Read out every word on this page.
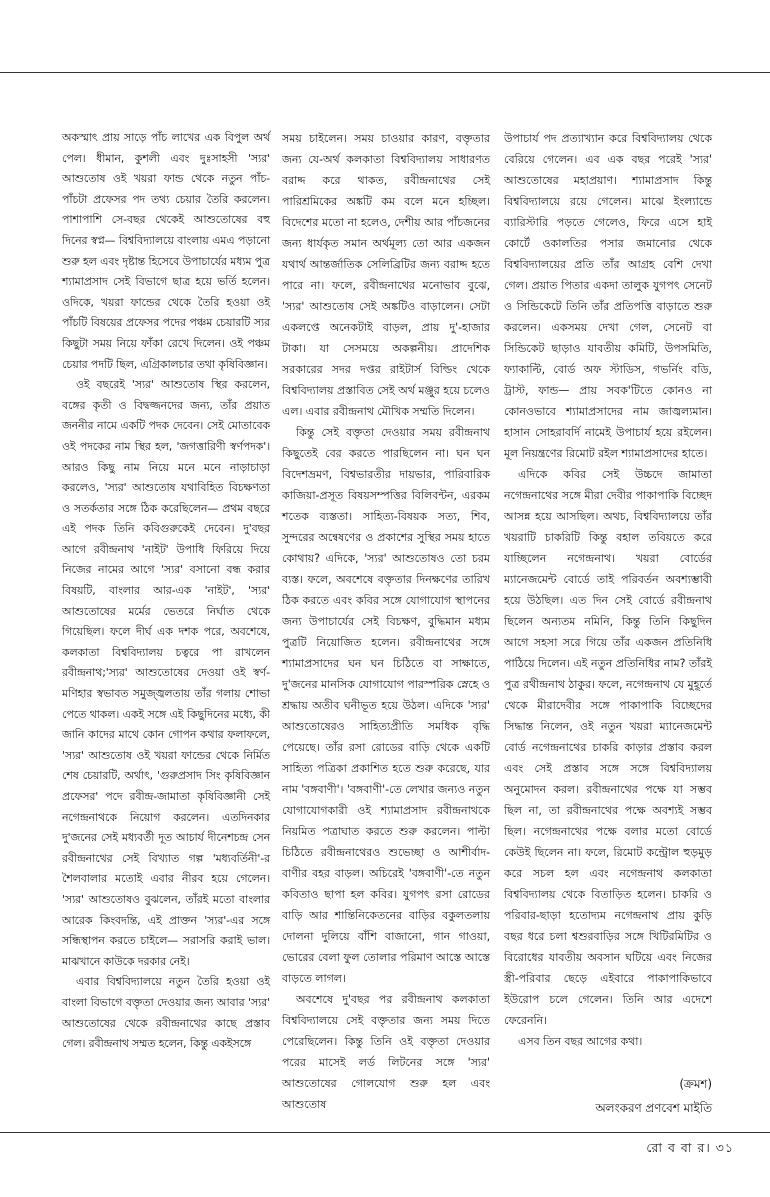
অকস্মাৎ প্রায় সাড়ে পাঁচ লাখের এক বিপুল অর্থ পেল। ধীমান, কুশলী এবং দুঃসাহসী 'স্যর' আশুতোষ ওই খয়রা ফান্ড থেকে নতুন পাঁচ-পাঁচটা প্রফেসর পদ তথ্য চেয়ার তৈরি করলেন। পাশাপাশি সে-বছর থেকেই আশুতোষের বহু দিনের স্বপ্ন— বিশ্ববিদ্যালয়ে বাংলায় এমএ পড়ানো শুরু হল এবং দৃষ্টান্ত হিসেবে উপাচার্যের মধ্যম পুত্র শ্যামাপ্রসাদ সেই বিভাগে ছাত্র হয়ে ভর্তি হলেন। ওদিকে, খয়রা ফান্ডের থেকে তৈরি হওয়া ওই পাঁচটি বিষয়ের প্রফেসর পদের পঞ্চম চেয়ারটি স্যর কিছুটা সময় নিয়ে ফাঁকা রেখে দিলেন। ওই পঞ্চম চেয়ার পদটি ছিল, এগ্রিকালচার তথা কৃষিবিজ্ঞান।

ওই বছরেই 'স্যর' আশুতোষ স্থির করলেন, বঙ্গের কৃতী ও বিদ্বজ্জনদের জন্য, তাঁর প্রয়াত জননীর নামে একটি পদক দেবেন। সেই মোতাবেক ওই পদকের নাম স্থির হল, 'জগত্তারিণী স্বর্ণপদক'। আরও কিছু নাম নিয়ে মনে মনে নাড়াচাড়া করলেও, 'স্যর' আশুতোষ যথাবিহিত বিচক্ষণতা ও সতর্কতার সঙ্গে ঠিক করেছিলেন— প্রথম বছরে এই পদক তিনি কবিগুরুকেই দেবেন। দু'বছর আগে রবীন্দ্রনাথ 'নাইট' উপাধি ফিরিয়ে দিয়ে নিজের নামের আগে 'স্যর' বসানো বন্ধ করার বিষয়টি, বাংলার আর-এক 'নাইট', 'স্যর' আশুতোষের মর্মের ভেতরে নির্ঘাত থেকে গিয়েছিল। ফলে দীর্ঘ এক দশক পরে, অবশেষে, কলকাতা বিশ্ববিদ্যালয় চত্বরে পা রাখলেন রবীন্দ্রনাথ;'স্যর' আশুতোষের দেওয়া ওই স্বর্ণ-মণিহার স্বভাবত সমুজ্জ্বলতায় তাঁর গলায় শোভা পেতে থাকল। একই সঙ্গে এই কিছুদিনের মধ্যে, কী জানি কাদের মাথে কোন গোপন কথার ফলাফলে, 'স্যর' আশুতোষ ওই খয়রা ফান্ডের থেকে নির্মিত শেষ চেয়ারটি, অর্থাৎ, 'গুরুপ্রসাদ সিং কৃষিবিজ্ঞান প্রফেসর' পদে রবীন্দ্র-জামাতা কৃষিবিজ্ঞানী সেই নগেন্দ্রনাথকে নিয়োগ করলেন। এতদিনকার দু'জনের সেই মধ্যবর্তী দূত আচার্য দীনেশচন্দ্র সেন রবীন্দ্রনাথের সেই বিখ্যাত গল্প 'মধ্যবর্তিনী'-র শৈলবালার মতোই এবার নীরব হয়ে গেলেন। 'স্যর' আশুতোষও বুঝলেন, তাঁরই মতো বাংলার আরেক কিংবদন্তি, এই প্রাক্তন 'স্যর'-এর সঙ্গে সন্ধিস্থাপন করতে চাইলে— সরাসরি করাই ভাল। মাঝখানে কাউকে দরকার নেই।

এবার বিশ্ববিদ্যালয়ে নতুন তৈরি হওয়া ওই বাংলা বিভাগে বক্তৃতা দেওয়ার জন্য আবার 'স্যর' আশুতোষের থেকে রবীন্দ্রনাথের কাছে প্রস্তাব গেল। রবীন্দ্রনাথ সম্মত হলেন, কিন্তু একইসঙ্গে

সময় চাইলেন। সময় চাওয়ার কারণ, বক্তৃতার জন্য যে-অর্থ কলকাতা বিশ্ববিদ্যালয় সাধারণত বরাদ্দ করে থাকত, রবীন্দ্রনাথের সেই পারিশ্রমিকের অঙ্কটি কম বলে মনে হচ্ছিল। বিদেশের মতো না হলেও, দেশীয় আর পাঁচজনের জন্য ধার্যকৃত সমান অর্থমূল্য তো আর একজন যথার্থ আন্তর্জাতিক সেলিব্রিটির জন্য বরাদ্দ হতে পারে না। ফলে, রবীন্দ্রনাথের মনোভাব বুঝে, 'স্যর' আশুতোষ সেই অঙ্কটিও বাড়ালেন। সেটা একলপ্তে অনেকটাই বাড়ল, প্রায় দু'-হাজার টাকা। যা সেসময়ে অকল্পনীয়। প্রাদেশিক সরকারের সদর দপ্তর রাইটার্স বিল্ডিং থেকে বিশ্ববিদ্যালয় প্রস্তাবিত সেই অর্থ মঞ্জুর হয়ে চলেও এল। এবার রবীন্দ্রনাথ মৌখিক সম্মতি দিলেন।

কিন্তু সেই বক্তৃতা দেওয়ার সময় রবীন্দ্রনাথ কিছুতেই বের করতে পারছিলেন না। ঘন ঘন বিদেশভ্রমণ, বিশ্বভারতীর দায়ভার, পারিবারিক কাজিয়া-প্রসূত বিষয়সম্পত্তির বিলিবন্টন, এরকম শতেক ব্যস্ততা। সাহিত্য-বিষয়ক সত্য, শিব, সুন্দরের অন্বেষণের ও প্রকাশের সুস্থির সময় হাতে কোথায়? এদিকে, 'স্যর' আশুতোষও তো চরম ব্যস্ত। ফলে, অবশেষে বক্তৃতার দিনক্ষণের তারিখ ঠিক করতে এবং কবির সঙ্গে যোগাযোগ স্থাপনের জন্য উপাচার্যের সেই বিচক্ষণ, বুদ্ধিমান মধ্যম পুত্রটি নিয়োজিত হলেন। রবীন্দ্রনাথের সঙ্গে শ্যামাপ্রসাদের ঘন ঘন চিঠিতে বা সাক্ষাতে, দু'জনের মানসিক যোগাযোগ পারস্পরিক স্নেহে ও শ্রদ্ধায় অতীব ঘনীভূত হয়ে উঠল। এদিকে 'স্যর' আশুতোষেরও সাহিত্যপ্রীতি সমধিক বৃদ্ধি পেয়েছে। তাঁর রসা রোডের বাড়ি থেকে একটি সাহিত্য পত্রিকা প্রকাশিত হতে শুরু করেছে, যার নাম 'বঙ্গবাণী'। 'বঙ্গবাণী'-তে লেখার জন্যও নতুন যোগাযোগকারী ওই শ্যামাপ্রসাদ রবীন্দ্রনাথকে নিয়মিত পত্রাঘাত করতে শুরু করলেন। পাল্টা চিঠিতে রবীন্দ্রনাথেরও শুভেচ্ছা ও আশীর্বাদ-বাণীর বহর বাড়ল। অচিরেই 'বঙ্গবাণী'-তে নতুন কবিতাও ছাপা হল কবির। যুগপৎ রসা রোডের বাড়ি আর শান্তিনিকেতনের বাড়ির বকুলতলায় দোলনা দুলিয়ে বাঁশি বাজানো, গান গাওয়া, ভোরের বেলা ফুল তোলার পরিমাণ আস্তে আস্তে বাড়তে লাগল।

অবশেষে দু'বছর পর রবীন্দ্রনাথ কলকাতা বিশ্ববিদ্যালয়ে সেই বক্তৃতার জন্য সময় দিতে পেরেছিলেন। কিন্তু তিনি ওই বক্তৃতা দেওয়ার পরের মাসেই লর্ড লিটনের সঙ্গে 'স্যর' আশুতোষের গোলযোগ শুরু হল এবং আশুতোষ

উপাচার্য পদ প্রত্যাখ্যান করে বিশ্ববিদ্যালয় থেকে বেরিয়ে গেলেন। এব এক বছর পরেই 'স্যর' আশুতোষের মহাপ্রয়াণ। শ্যামাপ্রসাদ কিন্তু বিশ্ববিদ্যালয়ে রয়ে গেলেন। মাঝে ইংল্যান্ডে ব্যারিস্টারি পড়তে গেলেও, ফিরে এসে হাই কোর্টে ওকালতির পসার জমানোর থেকে বিশ্ববিদ্যালয়ের প্রতি তাঁর আগ্রহ বেশি দেখা গেল। প্রয়াত পিতার একদা তালুক যুগপৎ সেনেট ও সিন্ডিকেটে তিনি তাঁর প্রতিপত্তি বাড়াতে শুরু করলেন। একসময় দেখা গেল, সেনেট বা সিন্ডিকেট ছাড়াও যাবতীয় কমিটি, উপসমিতি, ফ্যাকাল্টি, বোর্ড অফ স্টাডিস, গভর্নিং বডি, ট্রাস্ট, ফান্ড— প্রায় সবক'টিতে কোনও না কোনওভাবে শ্যামাপ্রসাদের নাম জাজ্বল্যমান। হাসান সোহরাবর্দি নামেই উপাচার্য হয়ে রইলেন। মূল নিয়ন্ত্রণের রিমোট রইল শ্যামাপ্রসাদের হাতে।

এদিকে কবির সেই উচ্চদে জামাতা নগেন্দ্রনাথের সঙ্গে মীরা দেবীর পাকাপাকি বিচ্ছেদ আসন্ন হয়ে আসছিল। অথচ, বিশ্ববিদ্যালয়ে তাঁর খয়রাটি চাকরিটি কিন্তু বহাল তবিয়তে করে যাচ্ছিলেন নগেন্দ্রনাথ। খয়রা বোর্ডের ম্যানেজমেন্ট বোর্ডে তাই পরিবর্তন অবশ্যম্ভাবী হয়ে উঠছিল। এত দিন সেই বোর্ডে রবীন্দ্রনাথ ছিলেন অন্যতম নমিনি, কিন্তু তিনি কিছুদিন আগে সহসা সরে গিয়ে তাঁর একজন প্রতিনিধি পাঠিয়ে দিলেন। এই নতুন প্রতিনিধির নাম? তাঁরই পুত্র রথীন্দ্রনাথ ঠাকুর। ফলে, নগেন্দ্রনাথ যে মুহূর্তে থেকে মীরাদেবীর সঙ্গে পাকাপাকি বিচ্ছেদের সিদ্ধান্ত নিলেন, ওই নতুন খয়রা ম্যানেজমেন্ট বোর্ড নগেন্দ্রনাথের চাকরি কাড়ার প্রস্তাব করল এবং সেই প্রস্তাব সঙ্গে সঙ্গে বিশ্ববিদ্যালয় অনুমোদন করল। রবীন্দ্রনাথের পক্ষে যা সম্ভব ছিল না, তা রবীন্দ্রনাথের পক্ষে অবশ্যই সম্ভব ছিল। নগেন্দ্রনাথের পক্ষে বলার মতো বোর্ডে কেউই ছিলেন না। ফলে, রিমোট কন্ট্রোল হুড়মুড় করে সচল হল এবং নগেন্দ্রনাথ কলকাতা বিশ্ববিদ্যালয় থেকে বিতাড়িত হলেন। চাকরি ও পরিবার-ছাড়া হতোদ্যম নগেন্দ্রনাথ প্রায় কুড়ি বছর ধরে চলা শ্বশুরবাড়ির সঙ্গে খিটিরমিটির ও বিরোধের যাবতীয় অবসান ঘটিয়ে এবং নিজের স্ত্রী-পরিবার ছেড়ে এইবারে পাকাপাকিভাবে ইউরোপ চলে গেলেন। তিনি আর এদেশে ফেরেননি।

এসব তিন বছর আগের কথা।

(ক্রমশ)
অলংকরণ প্রণবেশ মাইতি
রো ব বা র। ৩১
